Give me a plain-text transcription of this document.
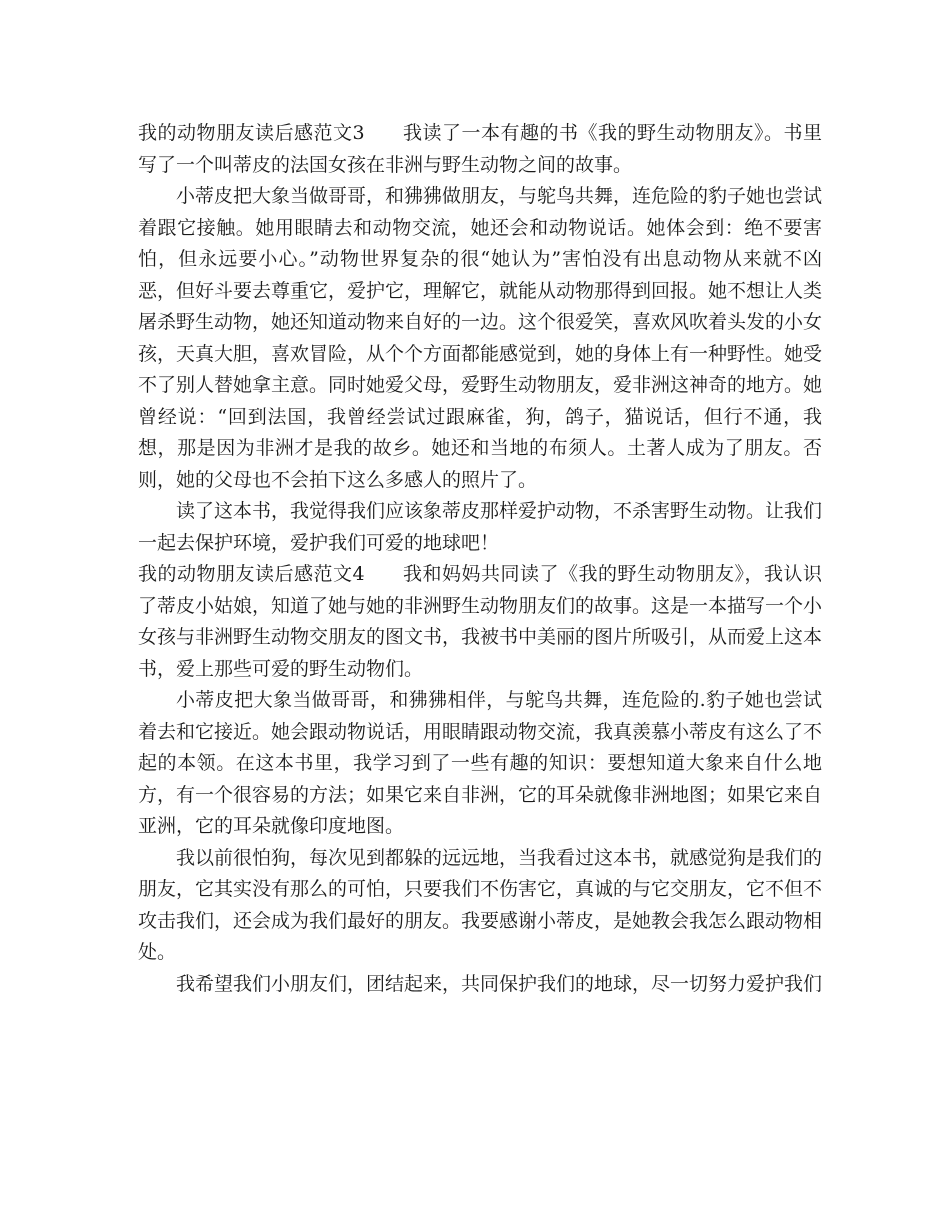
我的动物朋友读后感范文3   我读了一本有趣的书《我的野生动物朋友》。书里写了一个叫蒂皮的法国女孩在非洲与野生动物之间的故事。

小蒂皮把大象当做哥哥，和狒狒做朋友，与鸵鸟共舞，连危险的豹子她也尝试着跟它接触。她用眼睛去和动物交流，她还会和动物说话。她体会到：绝不要害怕，但永远要小心。”动物世界复杂的很“她认为”害怕没有出息动物从来就不凶恶，但好斗要去尊重它，爱护它，理解它，就能从动物那得到回报。她不想让人类屠杀野生动物，她还知道动物来自好的一边。这个很爱笑，喜欢风吹着头发的小女孩，天真大胆，喜欢冒险，从个个方面都能感觉到，她的身体上有一种野性。她受不了别人替她拿主意。同时她爱父母，爱野生动物朋友，爱非洲这神奇的地方。她曾经说：“回到法国，我曾经尝试过跟麻雀，狗，鸽子，猫说话，但行不通，我想，那是因为非洲才是我的故乡。她还和当地的布须人。土著人成为了朋友。否则，她的父母也不会拍下这么多感人的照片了。

读了这本书，我觉得我们应该象蒂皮那样爱护动物，不杀害野生动物。让我们一起去保护环境，爱护我们可爱的地球吧！

我的动物朋友读后感范文4   我和妈妈共同读了《我的野生动物朋友》，我认识了蒂皮小姑娘，知道了她与她的非洲野生动物朋友们的故事。这是一本描写一个小女孩与非洲野生动物交朋友的图文书，我被书中美丽的图片所吸引，从而爱上这本书，爱上那些可爱的野生动物们。

小蒂皮把大象当做哥哥，和狒狒相伴，与鸵鸟共舞，连危险的.豹子她也尝试着去和它接近。她会跟动物说话，用眼睛跟动物交流，我真羡慕小蒂皮有这么了不起的本领。在这本书里，我学习到了一些有趣的知识：要想知道大象来自什么地方，有一个很容易的方法；如果它来自非洲，它的耳朵就像非洲地图；如果它来自亚洲，它的耳朵就像印度地图。

我以前很怕狗，每次见到都躲的远远地，当我看过这本书，就感觉狗是我们的朋友，它其实没有那么的可怕，只要我们不伤害它，真诚的与它交朋友，它不但不攻击我们，还会成为我们最好的朋友。我要感谢小蒂皮，是她教会我怎么跟动物相处。

我希望我们小朋友们，团结起来，共同保护我们的地球，尽一切努力爱护我们
